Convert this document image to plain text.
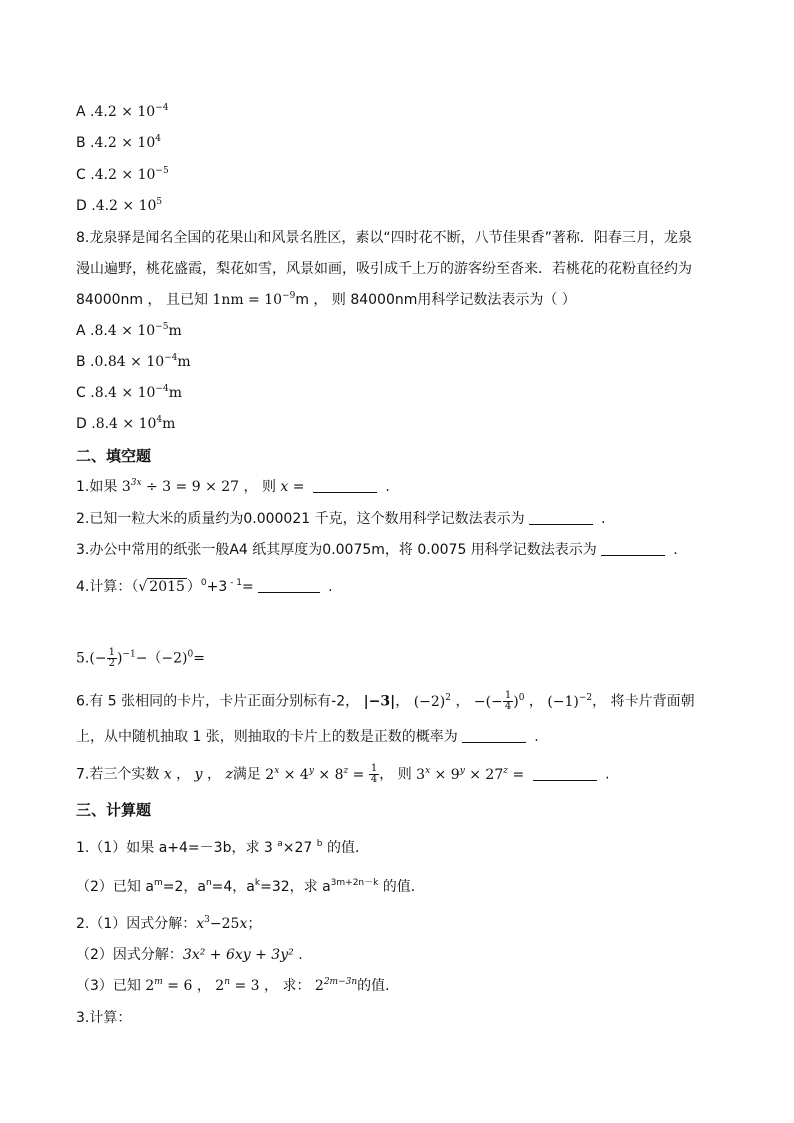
A $.4.2 \times 10^{-4}$
B $.4.2 \times 10^4$
C $.4.2 \times 10^{-5}$
D $.4.2 \times 10^5$
8.龙泉驿是闻名全国的花果山和风景名胜区，素以“四时花不断，八节佳果香”著称．阳春三月，龙泉
漫山遍野，桃花盛霞，梨花如雪，风景如画，吸引成千上万的游客纷至沓来．若桃花的花粉直径约为
84000nm ， 且已知 $1nm = 10^{-9}m$ ， 则 84000nm用科学记数法表示为（ ）
A $.8.4 \times 10^{-5}m$
B $.0.84 \times 10^{-4}m$
C $.8.4 \times 10^{-4}m$
D $.8.4 \times 10^4m$
二、填空题
1.如果 $3^{3x} \div 3 = 9 \times 27$ ， 则 x =	.
2.已知一粒大米的质量约为0.000021 千克，这个数用科学记数法表示为	.
3.办公中常用的纸张一般A4 纸其厚度为0.0075m，将 0.0075 用科学记数法表示为	.
4.计算：（√ 2015 ）$^0$+3 $^{- 1}$=	.
$5.(- \frac{1}{2} )^{-1}-(-2)^0=$
6.有 5 张相同的卡片，卡片正面分别标有-2， |−3|， $(-2)^2$ ， −(− $\frac{1}{4} )^0$ ， $(-1)^{-2}$， 将卡片背面朝
上，从中随机抽取 1 张，则抽取的卡片上的数是正数的概率为	.
7.若三个实数 x ， y ， z满足 $2^x \times 4^y \times 8^z = \frac{1}{4}$ ， 则 $3^x \times 9^y \times 27^z$ =	.
三、计算题
1.（1）如果 a+4=－3b，求 3 $^a$×27 $^b$ 的值．
（2）已知 $a^m=2$，$a^n=4$，$a^k=32$，求 $a^{3m+2n-k}$ 的值．
2.（1）因式分解：$x^3-25x$；
（2）因式分解：3x² + 6xy + 3y² .
（3）已知 $2^m = 6$ ， $2^n = 3$ ， 求： $2^{2m-3n}$的值．
3.计算：
